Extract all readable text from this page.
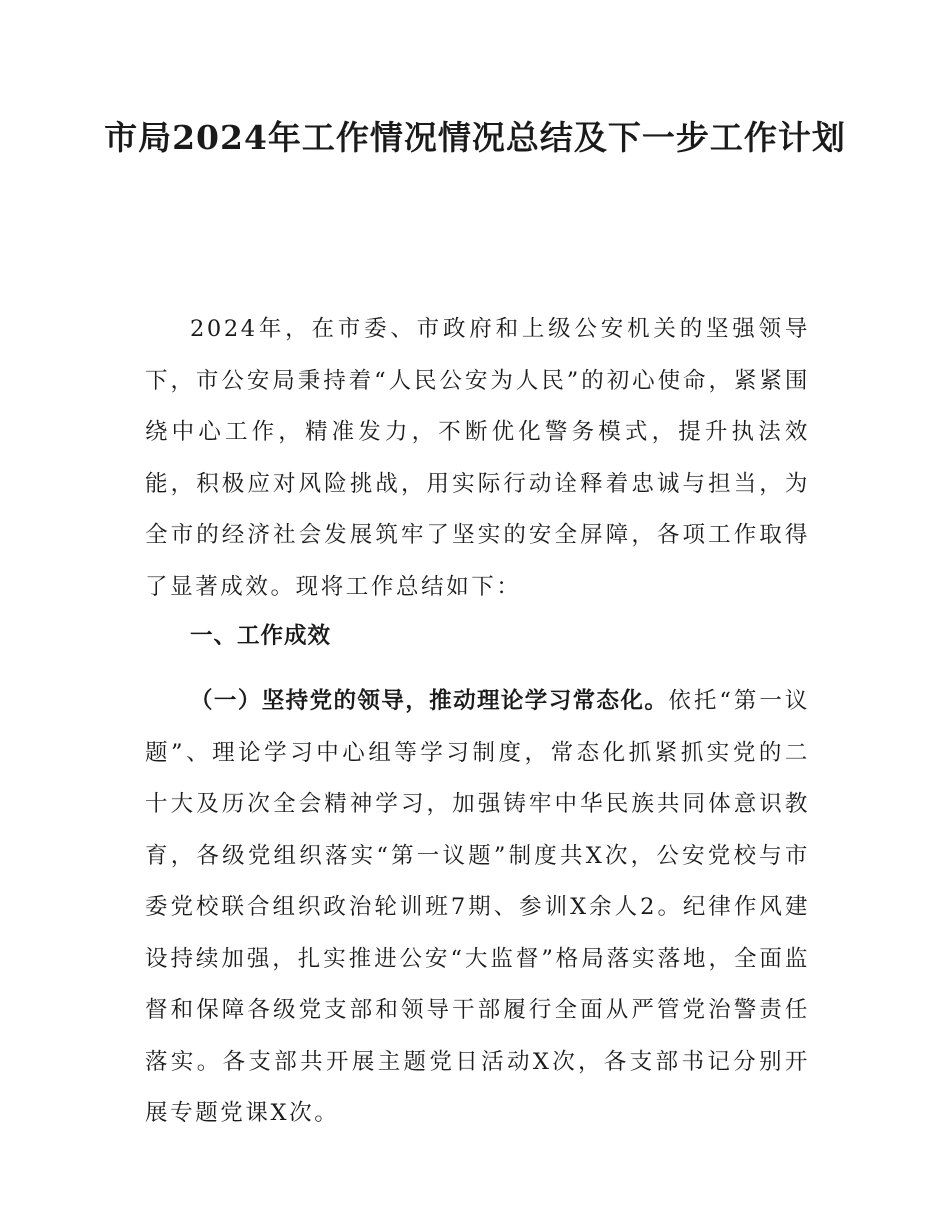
市局2024年工作情况情况总结及下一步工作计划

2024年，在市委、市政府和上级公安机关的坚强领导下，市公安局秉持着“人民公安为人民”的初心使命，紧紧围绕中心工作，精准发力，不断优化警务模式，提升执法效能，积极应对风险挑战，用实际行动诠释着忠诚与担当，为全市的经济社会发展筑牢了坚实的安全屏障，各项工作取得了显著成效。现将工作总结如下：

一、工作成效

（一）坚持党的领导，推动理论学习常态化。依托“第一议题”、理论学习中心组等学习制度，常态化抓紧抓实党的二十大及历次全会精神学习，加强铸牢中华民族共同体意识教育，各级党组织落实“第一议题”制度共X次，公安党校与市委党校联合组织政治轮训班7期、参训X余人2。纪律作风建设持续加强，扎实推进公安“大监督”格局落实落地，全面监督和保障各级党支部和领导干部履行全面从严管党治警责任落实。各支部共开展主题党日活动X次，各支部书记分别开展专题党课X次。
